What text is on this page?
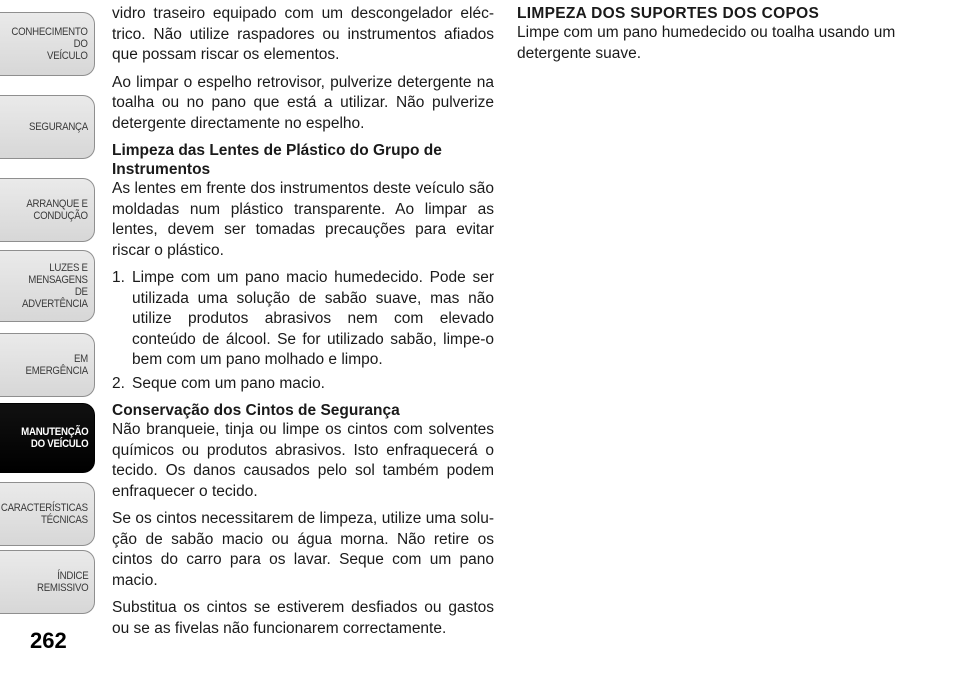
CONHECIMENTO
DO
VEÍCULO
SEGURANÇA
ARRANQUE E
CONDUÇÃO
LUZES E
MENSAGENS
DE
ADVERTÊNCIA
EM
EMERGÊNCIA
MANUTENÇÃO
DO VEÍCULO
CARACTERÍSTICAS
TÉCNICAS
ÍNDICE
REMISSIVO
262

vidro traseiro equipado com um descongelador eléctrico. Não utilize raspadores ou instrumentos afiados que possam riscar os elementos.

Ao limpar o espelho retrovisor, pulverize detergente na toalha ou no pano que está a utilizar. Não pulverize detergente directamente no espelho.

Limpeza das Lentes de Plástico do Grupo de Instrumentos

As lentes em frente dos instrumentos deste veículo são moldadas num plástico transparente. Ao limpar as lentes, devem ser tomadas precauções para evitar riscar o plástico.

1. Limpe com um pano macio humedecido. Pode ser utilizada uma solução de sabão suave, mas não utilize produtos abrasivos nem com elevado conteúdo de álcool. Se for utilizado sabão, limpe-o bem com um pano molhado e limpo.
2. Seque com um pano macio.
Conservação dos Cintos de Segurança

Não branqueie, tinja ou limpe os cintos com solventes químicos ou produtos abrasivos. Isto enfraquecerá o tecido. Os danos causados pelo sol também podem enfraquecer o tecido.

Se os cintos necessitarem de limpeza, utilize uma solução de sabão macio ou água morna. Não retire os cintos do carro para os lavar. Seque com um pano macio.

Substitua os cintos se estiverem desfiados ou gastos ou se as fivelas não funcionarem correctamente.

LIMPEZA DOS SUPORTES DOS COPOS

Limpe com um pano humedecido ou toalha usando um detergente suave.
